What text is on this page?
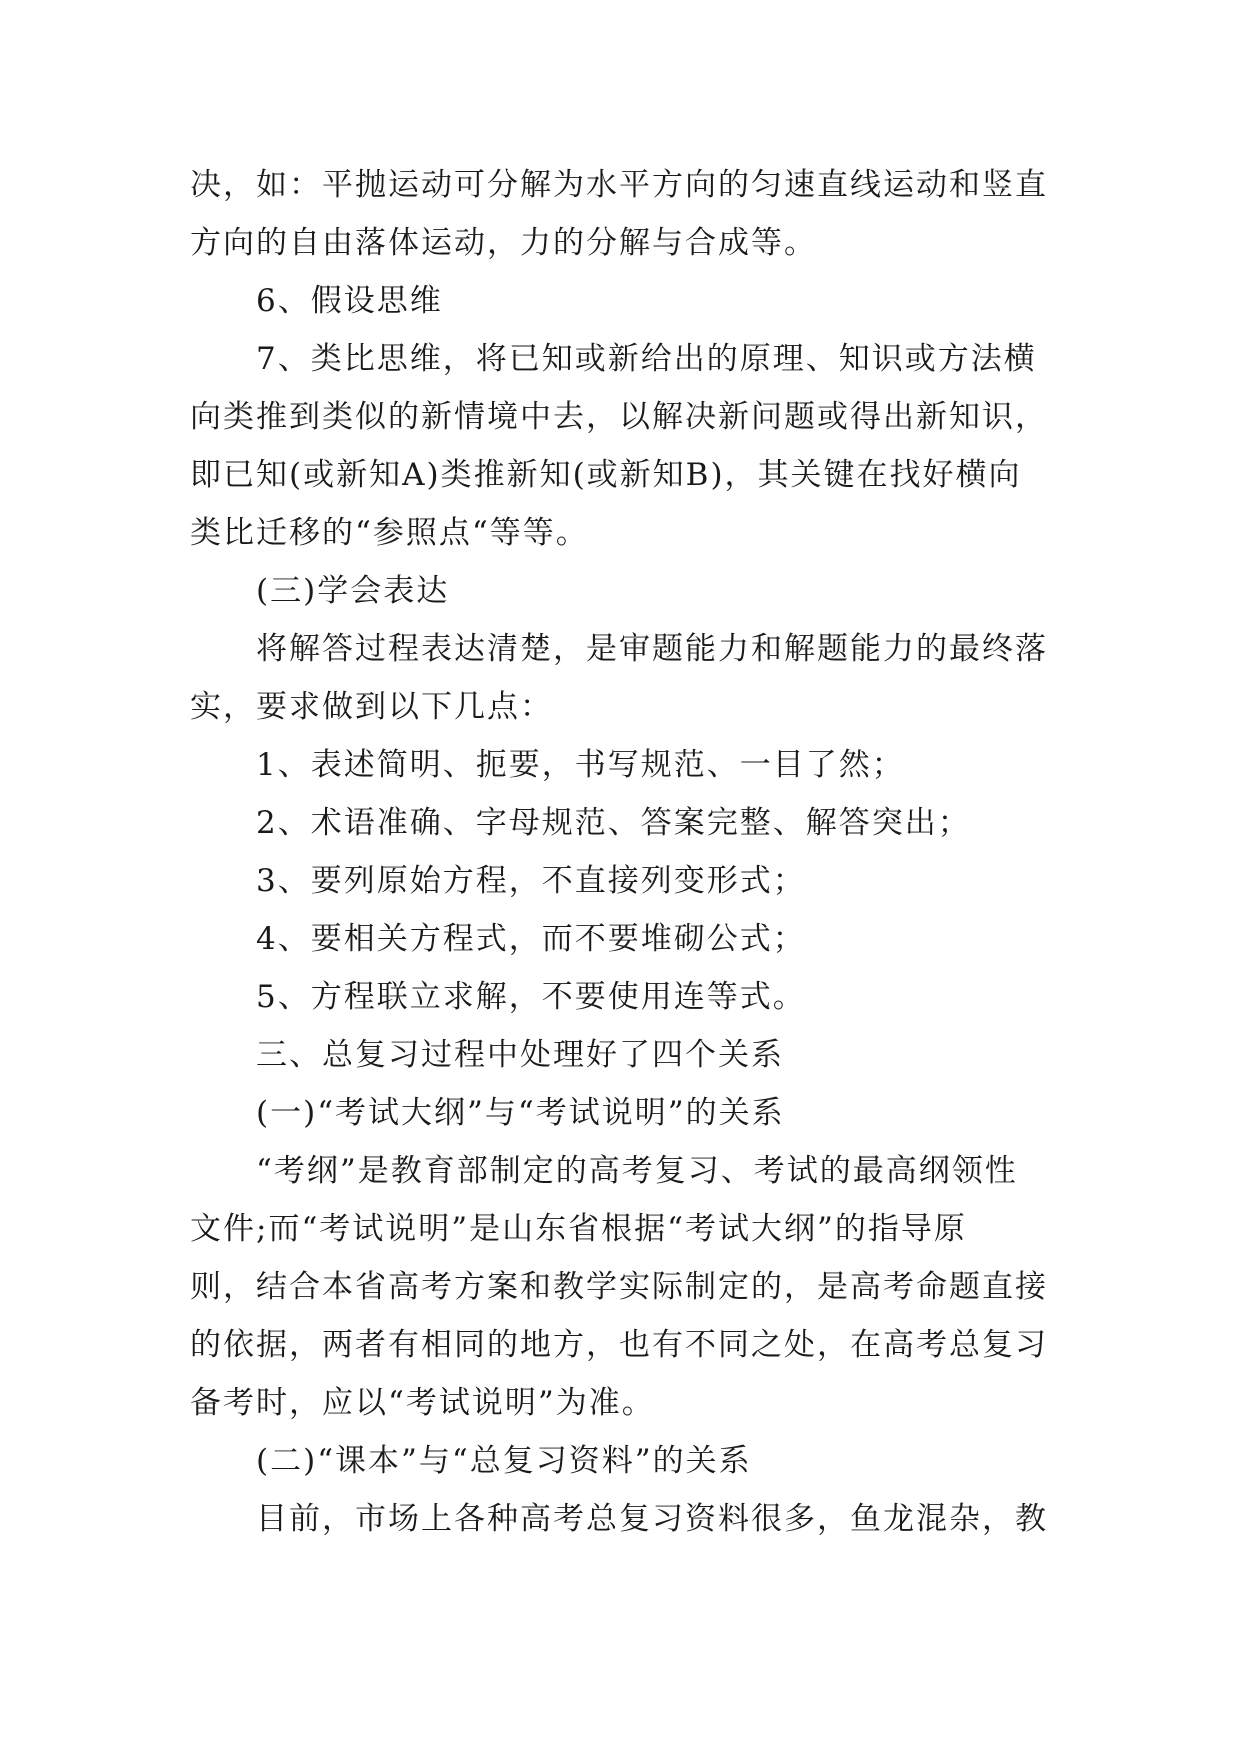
决，如：平抛运动可分解为水平方向的匀速直线运动和竖直
方向的自由落体运动，力的分解与合成等。
6、假设思维
7、类比思维，将已知或新给出的原理、知识或方法横
向类推到类似的新情境中去，以解决新问题或得出新知识，
即已知(或新知A)类推新知(或新知B)，其关键在找好横向
类比迁移的“参照点“等等。
(三)学会表达
将解答过程表达清楚，是审题能力和解题能力的最终落
实，要求做到以下几点：
1、表述简明、扼要，书写规范、一目了然；
2、术语准确、字母规范、答案完整、解答突出；
3、要列原始方程，不直接列变形式；
4、要相关方程式，而不要堆砌公式；
5、方程联立求解，不要使用连等式。
三、总复习过程中处理好了四个关系
(一)“考试大纲”与“考试说明”的关系
“考纲”是教育部制定的高考复习、考试的最高纲领性
文件;而“考试说明”是山东省根据“考试大纲”的指导原
则，结合本省高考方案和教学实际制定的，是高考命题直接
的依据，两者有相同的地方，也有不同之处，在高考总复习
备考时，应以“考试说明”为准。
(二)“课本”与“总复习资料”的关系
目前，市场上各种高考总复习资料很多，鱼龙混杂，教
